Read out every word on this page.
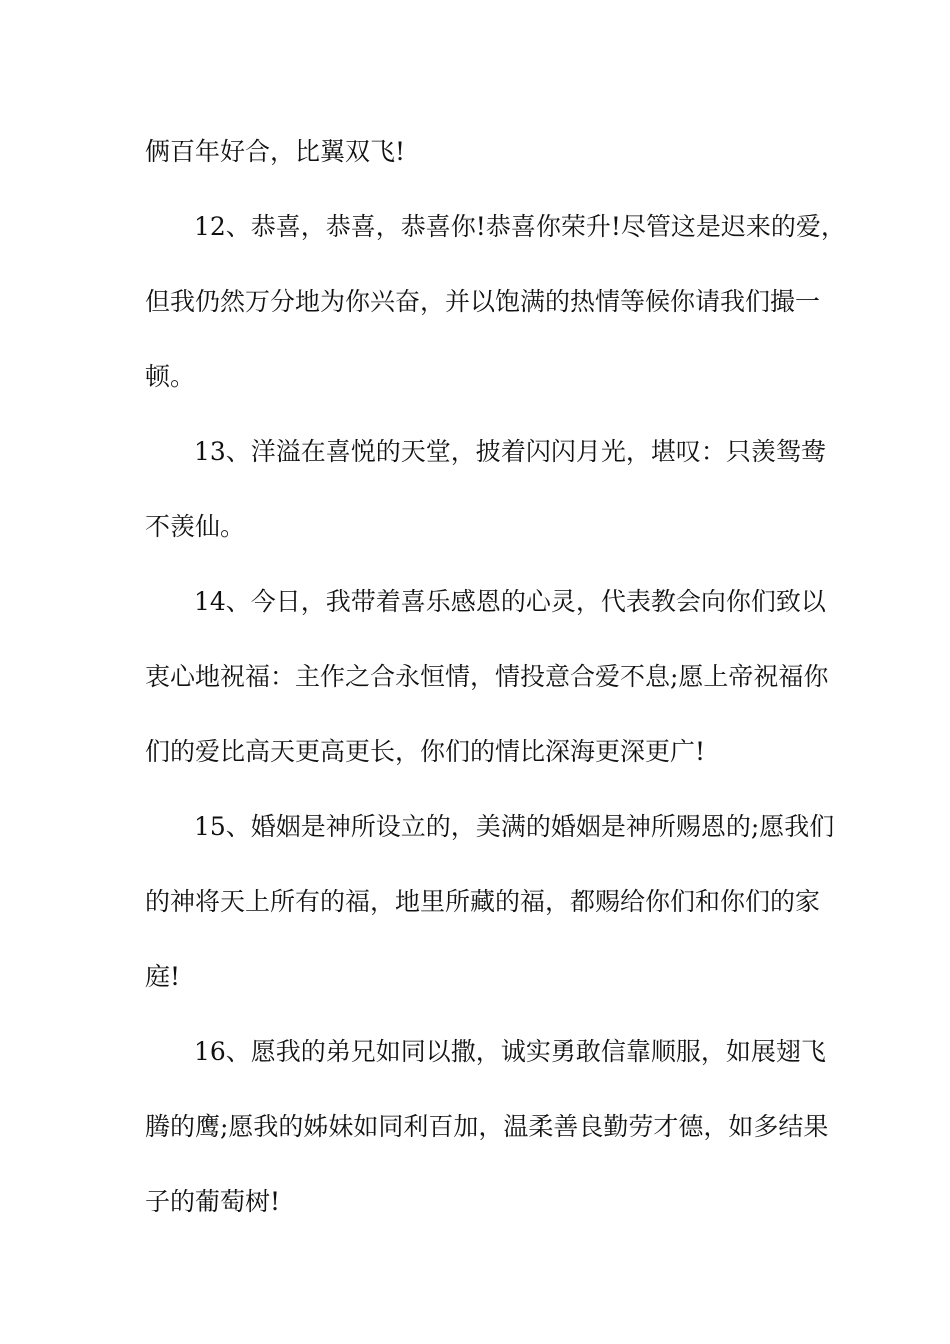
俩百年好合，比翼双飞!
12、恭喜，恭喜，恭喜你!恭喜你荣升!尽管这是迟来的爱，
但我仍然万分地为你兴奋，并以饱满的热情等候你请我们撮一
顿。
13、洋溢在喜悦的天堂，披着闪闪月光，堪叹：只羡鸳鸯
不羡仙。
14、今日，我带着喜乐感恩的心灵，代表教会向你们致以
衷心地祝福：主作之合永恒情，情投意合爱不息;愿上帝祝福你
们的爱比高天更高更长，你们的情比深海更深更广!
15、婚姻是神所设立的，美满的婚姻是神所赐恩的;愿我们
的神将天上所有的福，地里所藏的福，都赐给你们和你们的家
庭!
16、愿我的弟兄如同以撒，诚实勇敢信靠顺服，如展翅飞
腾的鹰;愿我的姊妹如同利百加，温柔善良勤劳才德，如多结果
子的葡萄树!
